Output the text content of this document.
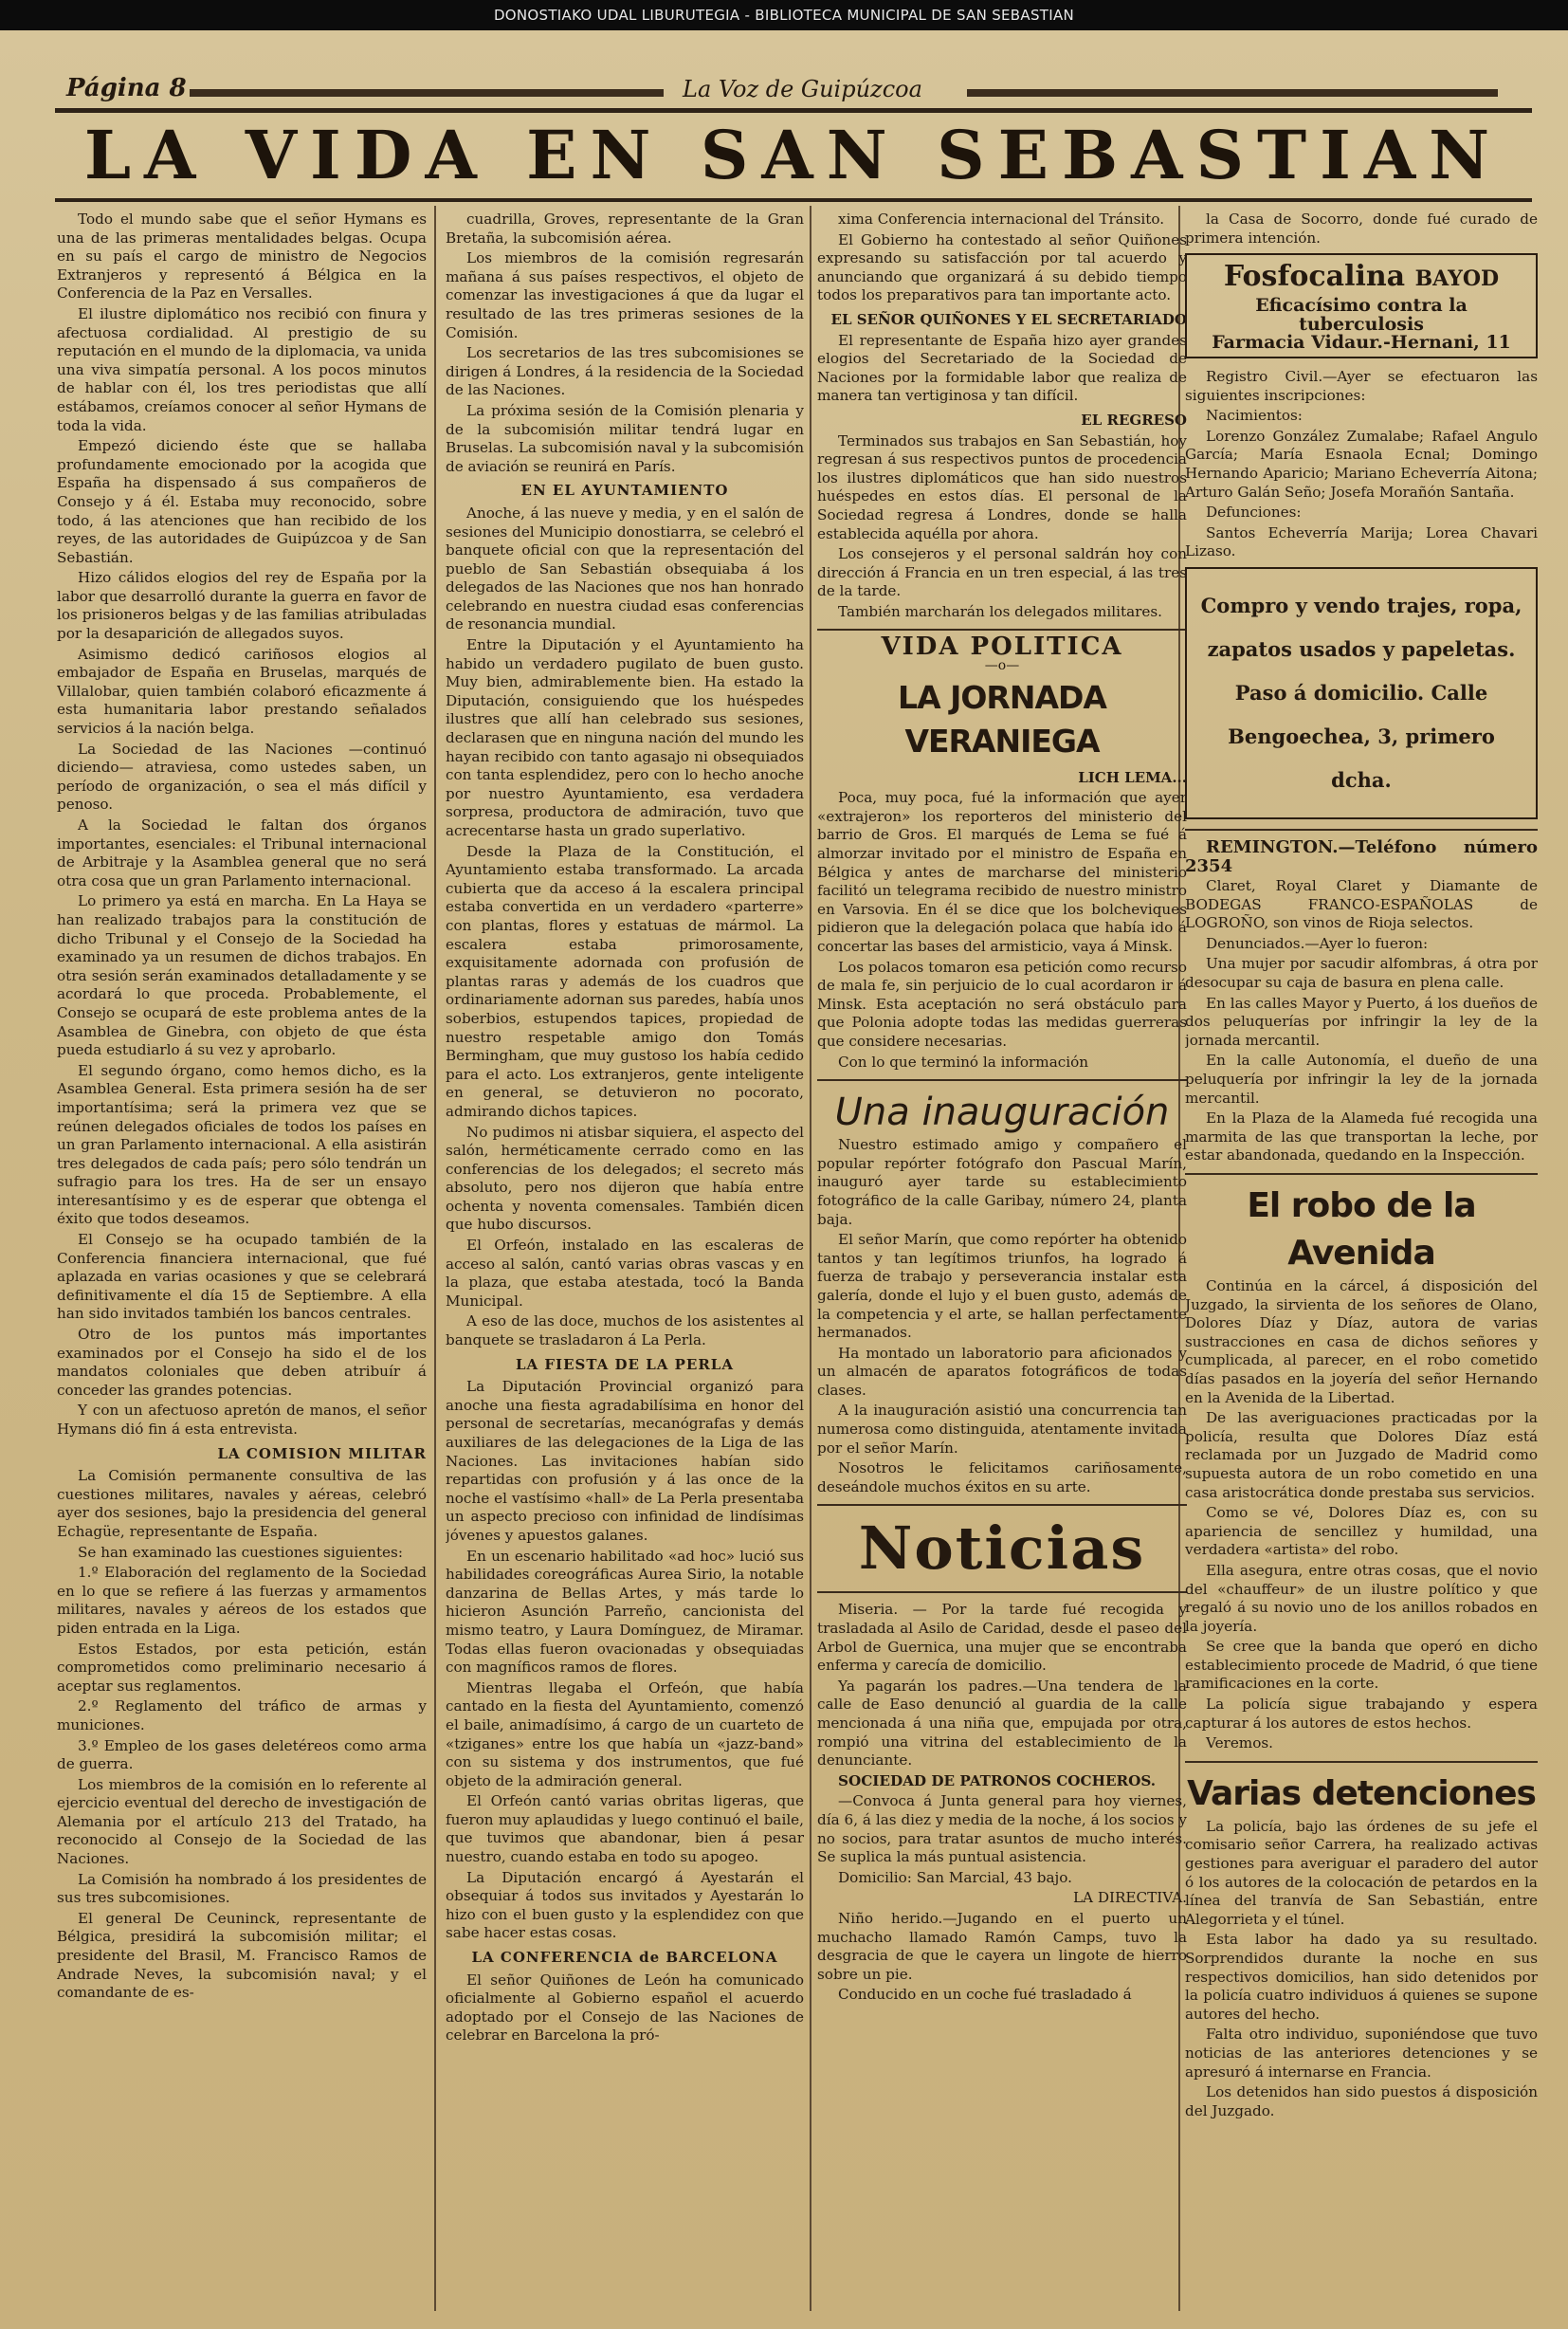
DONOSTIAKO UDAL LIBURUTEGIA - BIBLIOTECA MUNICIPAL DE SAN SEBASTIAN
Página 8	La Voz de Guipúzcoa
LA VIDA EN SAN SEBASTIAN

Todo el mundo sabe que el señor Hymans es una de las primeras mentalidades belgas. Ocupa en su país el cargo de ministro de Negocios Extranjeros y representó á Bélgica en la Conferencia de la Paz en Versalles.

El ilustre diplomático nos recibió con finura y afectuosa cordialidad. Al prestigio de su reputación en el mundo de la diplomacia, va unida una viva simpatía personal. A los pocos minutos de hablar con él, los tres periodistas que allí estábamos, creíamos conocer al señor Hymans de toda la vida.

Empezó diciendo éste que se hallaba profundamente emocionado por la acogida que España ha dispensado á sus compañeros de Consejo y á él. Estaba muy reconocido, sobre todo, á las atenciones que han recibido de los reyes, de las autoridades de Guipúzcoa y de San Sebastián.

Hizo cálidos elogios del rey de España por la labor que desarrolló durante la guerra en favor de los prisioneros belgas y de las familias atribuladas por la desaparición de allegados suyos.

Asimismo dedicó cariñosos elogios al embajador de España en Bruselas, marqués de Villalobar, quien también colaboró eficazmente á esta humanitaria labor prestando señalados servicios á la nación belga.

La Sociedad de las Naciones —continuó diciendo— atraviesa, como ustedes saben, un período de organización, o sea el más difícil y penoso.

A la Sociedad le faltan dos órganos importantes, esenciales: el Tribunal internacional de Arbitraje y la Asamblea general que no será otra cosa que un gran Parlamento internacional.

Lo primero ya está en marcha. En La Haya se han realizado trabajos para la constitución de dicho Tribunal y el Consejo de la Sociedad ha examinado ya un resumen de dichos trabajos. En otra sesión serán examinados detalladamente y se acordará lo que proceda. Probablemente, el Consejo se ocupará de este problema antes de la Asamblea de Ginebra, con objeto de que ésta pueda estudiarlo á su vez y aprobarlo.

El segundo órgano, como hemos dicho, es la Asamblea General. Esta primera sesión ha de ser importantísima; será la primera vez que se reúnen delegados oficiales de todos los países en un gran Parlamento internacional. A ella asistirán tres delegados de cada país; pero sólo tendrán un sufragio para los tres. Ha de ser un ensayo interesantísimo y es de esperar que obtenga el éxito que todos deseamos.

El Consejo se ha ocupado también de la Conferencia financiera internacional, que fué aplazada en varias ocasiones y que se celebrará definitivamente el día 15 de Septiembre. A ella han sido invitados también los bancos centrales.

Otro de los puntos más importantes examinados por el Consejo ha sido el de los mandatos coloniales que deben atribuír á conceder las grandes potencias.

Y con un afectuoso apretón de manos, el señor Hymans dió fin á esta entrevista.

LA COMISION MILITAR

La Comisión permanente consultiva de las cuestiones militares, navales y aéreas, celebró ayer dos sesiones, bajo la presidencia del general Echagüe, representante de España.

Se han examinado las cuestiones siguientes:

1.º Elaboración del reglamento de la Sociedad en lo que se refiere á las fuerzas y armamentos militares, navales y aéreos de los estados que piden entrada en la Liga.

Estos Estados, por esta petición, están comprometidos como preliminario necesario á aceptar sus reglamentos.

2.º Reglamento del tráfico de armas y municiones.

3.º Empleo de los gases deletéreos como arma de guerra.

Los miembros de la comisión en lo referente al ejercicio eventual del derecho de investigación de Alemania por el artículo 213 del Tratado, ha reconocido al Consejo de la Sociedad de las Naciones.

La Comisión ha nombrado á los presidentes de sus tres subcomisiones.

El general De Ceuninck, representante de Bélgica, presidirá la subcomisión militar; el presidente del Brasil, M. Francisco Ramos de Andrade Neves, la subcomisión naval; y el comandante de es-

cuadrilla, Groves, representante de la Gran Bretaña, la subcomisión aérea.

Los miembros de la comisión regresarán mañana á sus países respectivos, el objeto de comenzar las investigaciones á que da lugar el resultado de las tres primeras sesiones de la Comisión.

Los secretarios de las tres subcomisiones se dirigen á Londres, á la residencia de la Sociedad de las Naciones.

La próxima sesión de la Comisión plenaria y de la subcomisión militar tendrá lugar en Bruselas. La subcomisión naval y la subcomisión de aviación se reunirá en París.

EN EL AYUNTAMIENTO

Anoche, á las nueve y media, y en el salón de sesiones del Municipio donostiarra, se celebró el banquete oficial con que la representación del pueblo de San Sebastián obsequiaba á los delegados de las Naciones que nos han honrado celebrando en nuestra ciudad esas conferencias de resonancia mundial.

Entre la Diputación y el Ayuntamiento ha habido un verdadero pugilato de buen gusto. Muy bien, admirablemente bien. Ha estado la Diputación, consiguiendo que los huéspedes ilustres que allí han celebrado sus sesiones, declarasen que en ninguna nación del mundo les hayan recibido con tanto agasajo ni obsequiados con tanta esplendidez, pero con lo hecho anoche por nuestro Ayuntamiento, esa verdadera sorpresa, productora de admiración, tuvo que acrecentarse hasta un grado superlativo.

Desde la Plaza de la Constitución, el Ayuntamiento estaba transformado. La arcada cubierta que da acceso á la escalera principal estaba convertida en un verdadero «parterre» con plantas, flores y estatuas de mármol. La escalera estaba primorosamente, exquisitamente adornada con profusión de plantas raras y además de los cuadros que ordinariamente adornan sus paredes, había unos soberbios, estupendos tapices, propiedad de nuestro respetable amigo don Tomás Bermingham, que muy gustoso los había cedido para el acto. Los extranjeros, gente inteligente en general, se detuvieron no pocorato, admirando dichos tapices.

No pudimos ni atisbar siquiera, el aspecto del salón, herméticamente cerrado como en las conferencias de los delegados; el secreto más absoluto, pero nos dijeron que había entre ochenta y noventa comensales. También dicen que hubo discursos.

El Orfeón, instalado en las escaleras de acceso al salón, cantó varias obras vascas y en la plaza, que estaba atestada, tocó la Banda Municipal.

A eso de las doce, muchos de los asistentes al banquete se trasladaron á La Perla.

LA FIESTA DE LA PERLA

La Diputación Provincial organizó para anoche una fiesta agradabilísima en honor del personal de secretarías, mecanógrafas y demás auxiliares de las delegaciones de la Liga de las Naciones. Las invitaciones habían sido repartidas con profusión y á las once de la noche el vastísimo «hall» de La Perla presentaba un aspecto precioso con infinidad de lindísimas jóvenes y apuestos galanes.

En un escenario habilitado «ad hoc» lució sus habilidades coreográficas Aurea Sirio, la notable danzarina de Bellas Artes, y más tarde lo hicieron Asunción Parreño, cancionista del mismo teatro, y Laura Domínguez, de Miramar. Todas ellas fueron ovacionadas y obsequiadas con magníficos ramos de flores.

Mientras llegaba el Orfeón, que había cantado en la fiesta del Ayuntamiento, comenzó el baile, animadísimo, á cargo de un cuarteto de «tziganes» entre los que había un «jazz-band» con su sistema y dos instrumentos, que fué objeto de la admiración general.

El Orfeón cantó varias obritas ligeras, que fueron muy aplaudidas y luego continuó el baile, que tuvimos que abandonar, bien á pesar nuestro, cuando estaba en todo su apogeo.

La Diputación encargó á Ayestarán el obsequiar á todos sus invitados y Ayestarán lo hizo con el buen gusto y la esplendidez con que sabe hacer estas cosas.

LA CONFERENCIA de BARCELONA

El señor Quiñones de León ha comunicado oficialmente al Gobierno español el acuerdo adoptado por el Consejo de las Naciones de celebrar en Barcelona la pró-

xima Conferencia internacional del Tránsito.

El Gobierno ha contestado al señor Quiñones expresando su satisfacción por tal acuerdo y anunciando que organizará á su debido tiempo todos los preparativos para tan importante acto.

EL SEÑOR QUIÑONES Y EL SECRETARIADO

El representante de España hizo ayer grandes elogios del Secretariado de la Sociedad de Naciones por la formidable labor que realiza de manera tan vertiginosa y tan difícil.

EL REGRESO

Terminados sus trabajos en San Sebastián, hoy regresan á sus respectivos puntos de procedencia los ilustres diplomáticos que han sido nuestros huéspedes en estos días. El personal de la Sociedad regresa á Londres, donde se halla establecida aquélla por ahora.

Los consejeros y el personal saldrán hoy con dirección á Francia en un tren especial, á las tres de la tarde.

También marcharán los delegados militares.

VIDA POLITICA
—o—
LA JORNADA VERANIEGA
LICH LEMA...

Poca, muy poca, fué la información que ayer «extrajeron» los reporteros del ministerio del barrio de Gros. El marqués de Lema se fué á almorzar invitado por el ministro de España en Bélgica y antes de marcharse del ministerio facilitó un telegrama recibido de nuestro ministro en Varsovia. En él se dice que los bolcheviques pidieron que la delegación polaca que había ido á concertar las bases del armisticio, vaya á Minsk.

Los polacos tomaron esa petición como recurso de mala fe, sin perjuicio de lo cual acordaron ir á Minsk. Esta aceptación no será obstáculo para que Polonia adopte todas las medidas guerreras que considere necesarias.

Con lo que terminó la información

Una inauguración

Nuestro estimado amigo y compañero el popular repórter fotógrafo don Pascual Marín, inauguró ayer tarde su establecimiento fotográfico de la calle Garibay, número 24, planta baja.

El señor Marín, que como repórter ha obtenido tantos y tan legítimos triunfos, ha logrado á fuerza de trabajo y perseverancia instalar esta galería, donde el lujo y el buen gusto, además de la competencia y el arte, se hallan perfectamente hermanados.

Ha montado un laboratorio para aficionados y un almacén de aparatos fotográficos de todas clases.

A la inauguración asistió una concurrencia tan numerosa como distinguida, atentamente invitada por el señor Marín.

Nosotros le felicitamos cariñosamente, deseándole muchos éxitos en su arte.

Noticias

Miseria. — Por la tarde fué recogida y trasladada al Asilo de Caridad, desde el paseo del Arbol de Guernica, una mujer que se encontraba enferma y carecía de domicilio.

Ya pagarán los padres.—Una tendera de la calle de Easo denunció al guardia de la calle mencionada á una niña que, empujada por otra, rompió una vitrina del establecimiento de la denunciante.

SOCIEDAD DE PATRONOS COCHEROS.

—Convoca á Junta general para hoy viernes, día 6, á las diez y media de la noche, á los socios y no socios, para tratar asuntos de mucho interés. Se suplica la más puntual asistencia.

Domicilio: San Marcial, 43 bajo.

LA DIRECTIVA.

Niño herido.—Jugando en el puerto un muchacho llamado Ramón Camps, tuvo la desgracia de que le cayera un lingote de hierro sobre un pie.

Conducido en un coche fué trasladado á

la Casa de Socorro, donde fué curado de primera intención.

Fosfocalina BAYOD
Eficacísimo contra la tuberculosis
Farmacia Vidaur.-Hernani, 11

Registro Civil.—Ayer se efectuaron las siguientes inscripciones:

Nacimientos:

Lorenzo González Zumalabe; Rafael Angulo García; María Esnaola Ecnal; Domingo Hernando Aparicio; Mariano Echeverría Aitona; Arturo Galán Seño; Josefa Morañón Santaña.

Defunciones:

Santos Echeverría Marija; Lorea Chavari Lizaso.

Compro y vendo trajes, ropa,
zapatos usados y papeletas.
Paso á domicilio. Calle Bengoechea, 3, primero dcha.

REMINGTON.—Teléfono número 2354

Claret, Royal Claret y Diamante de BODEGAS FRANCO-ESPAÑOLAS de LOGROÑO, son vinos de Rioja selectos.

Denunciados.—Ayer lo fueron:

Una mujer por sacudir alfombras, á otra por desocupar su caja de basura en plena calle.

En las calles Mayor y Puerto, á los dueños de dos peluquerías por infringir la ley de la jornada mercantil.

En la calle Autonomía, el dueño de una peluquería por infringir la ley de la jornada mercantil.

En la Plaza de la Alameda fué recogida una marmita de las que transportan la leche, por estar abandonada, quedando en la Inspección.

El robo de la Avenida

Continúa en la cárcel, á disposición del Juzgado, la sirvienta de los señores de Olano, Dolores Díaz y Díaz, autora de varias sustracciones en casa de dichos señores y cumplicada, al parecer, en el robo cometido días pasados en la joyería del señor Hernando en la Avenida de la Libertad.

De las averiguaciones practicadas por la policía, resulta que Dolores Díaz está reclamada por un Juzgado de Madrid como supuesta autora de un robo cometido en una casa aristocrática donde prestaba sus servicios.

Como se vé, Dolores Díaz es, con su apariencia de sencillez y humildad, una verdadera «artista» del robo.

Ella asegura, entre otras cosas, que el novio del «chauffeur» de un ilustre político y que regaló á su novio uno de los anillos robados en la joyería.

Se cree que la banda que operó en dicho establecimiento procede de Madrid, ó que tiene ramificaciones en la corte.

La policía sigue trabajando y espera capturar á los autores de estos hechos.

Veremos.

Varias detenciones

La policía, bajo las órdenes de su jefe el comisario señor Carrera, ha realizado activas gestiones para averiguar el paradero del autor ó los autores de la colocación de petardos en la línea del tranvía de San Sebastián, entre Alegorrieta y el túnel.

Esta labor ha dado ya su resultado. Sorprendidos durante la noche en sus respectivos domicilios, han sido detenidos por la policía cuatro individuos á quienes se supone autores del hecho.

Falta otro individuo, suponiéndose que tuvo noticias de las anteriores detenciones y se apresuró á internarse en Francia.

Los detenidos han sido puestos á disposición del Juzgado.
